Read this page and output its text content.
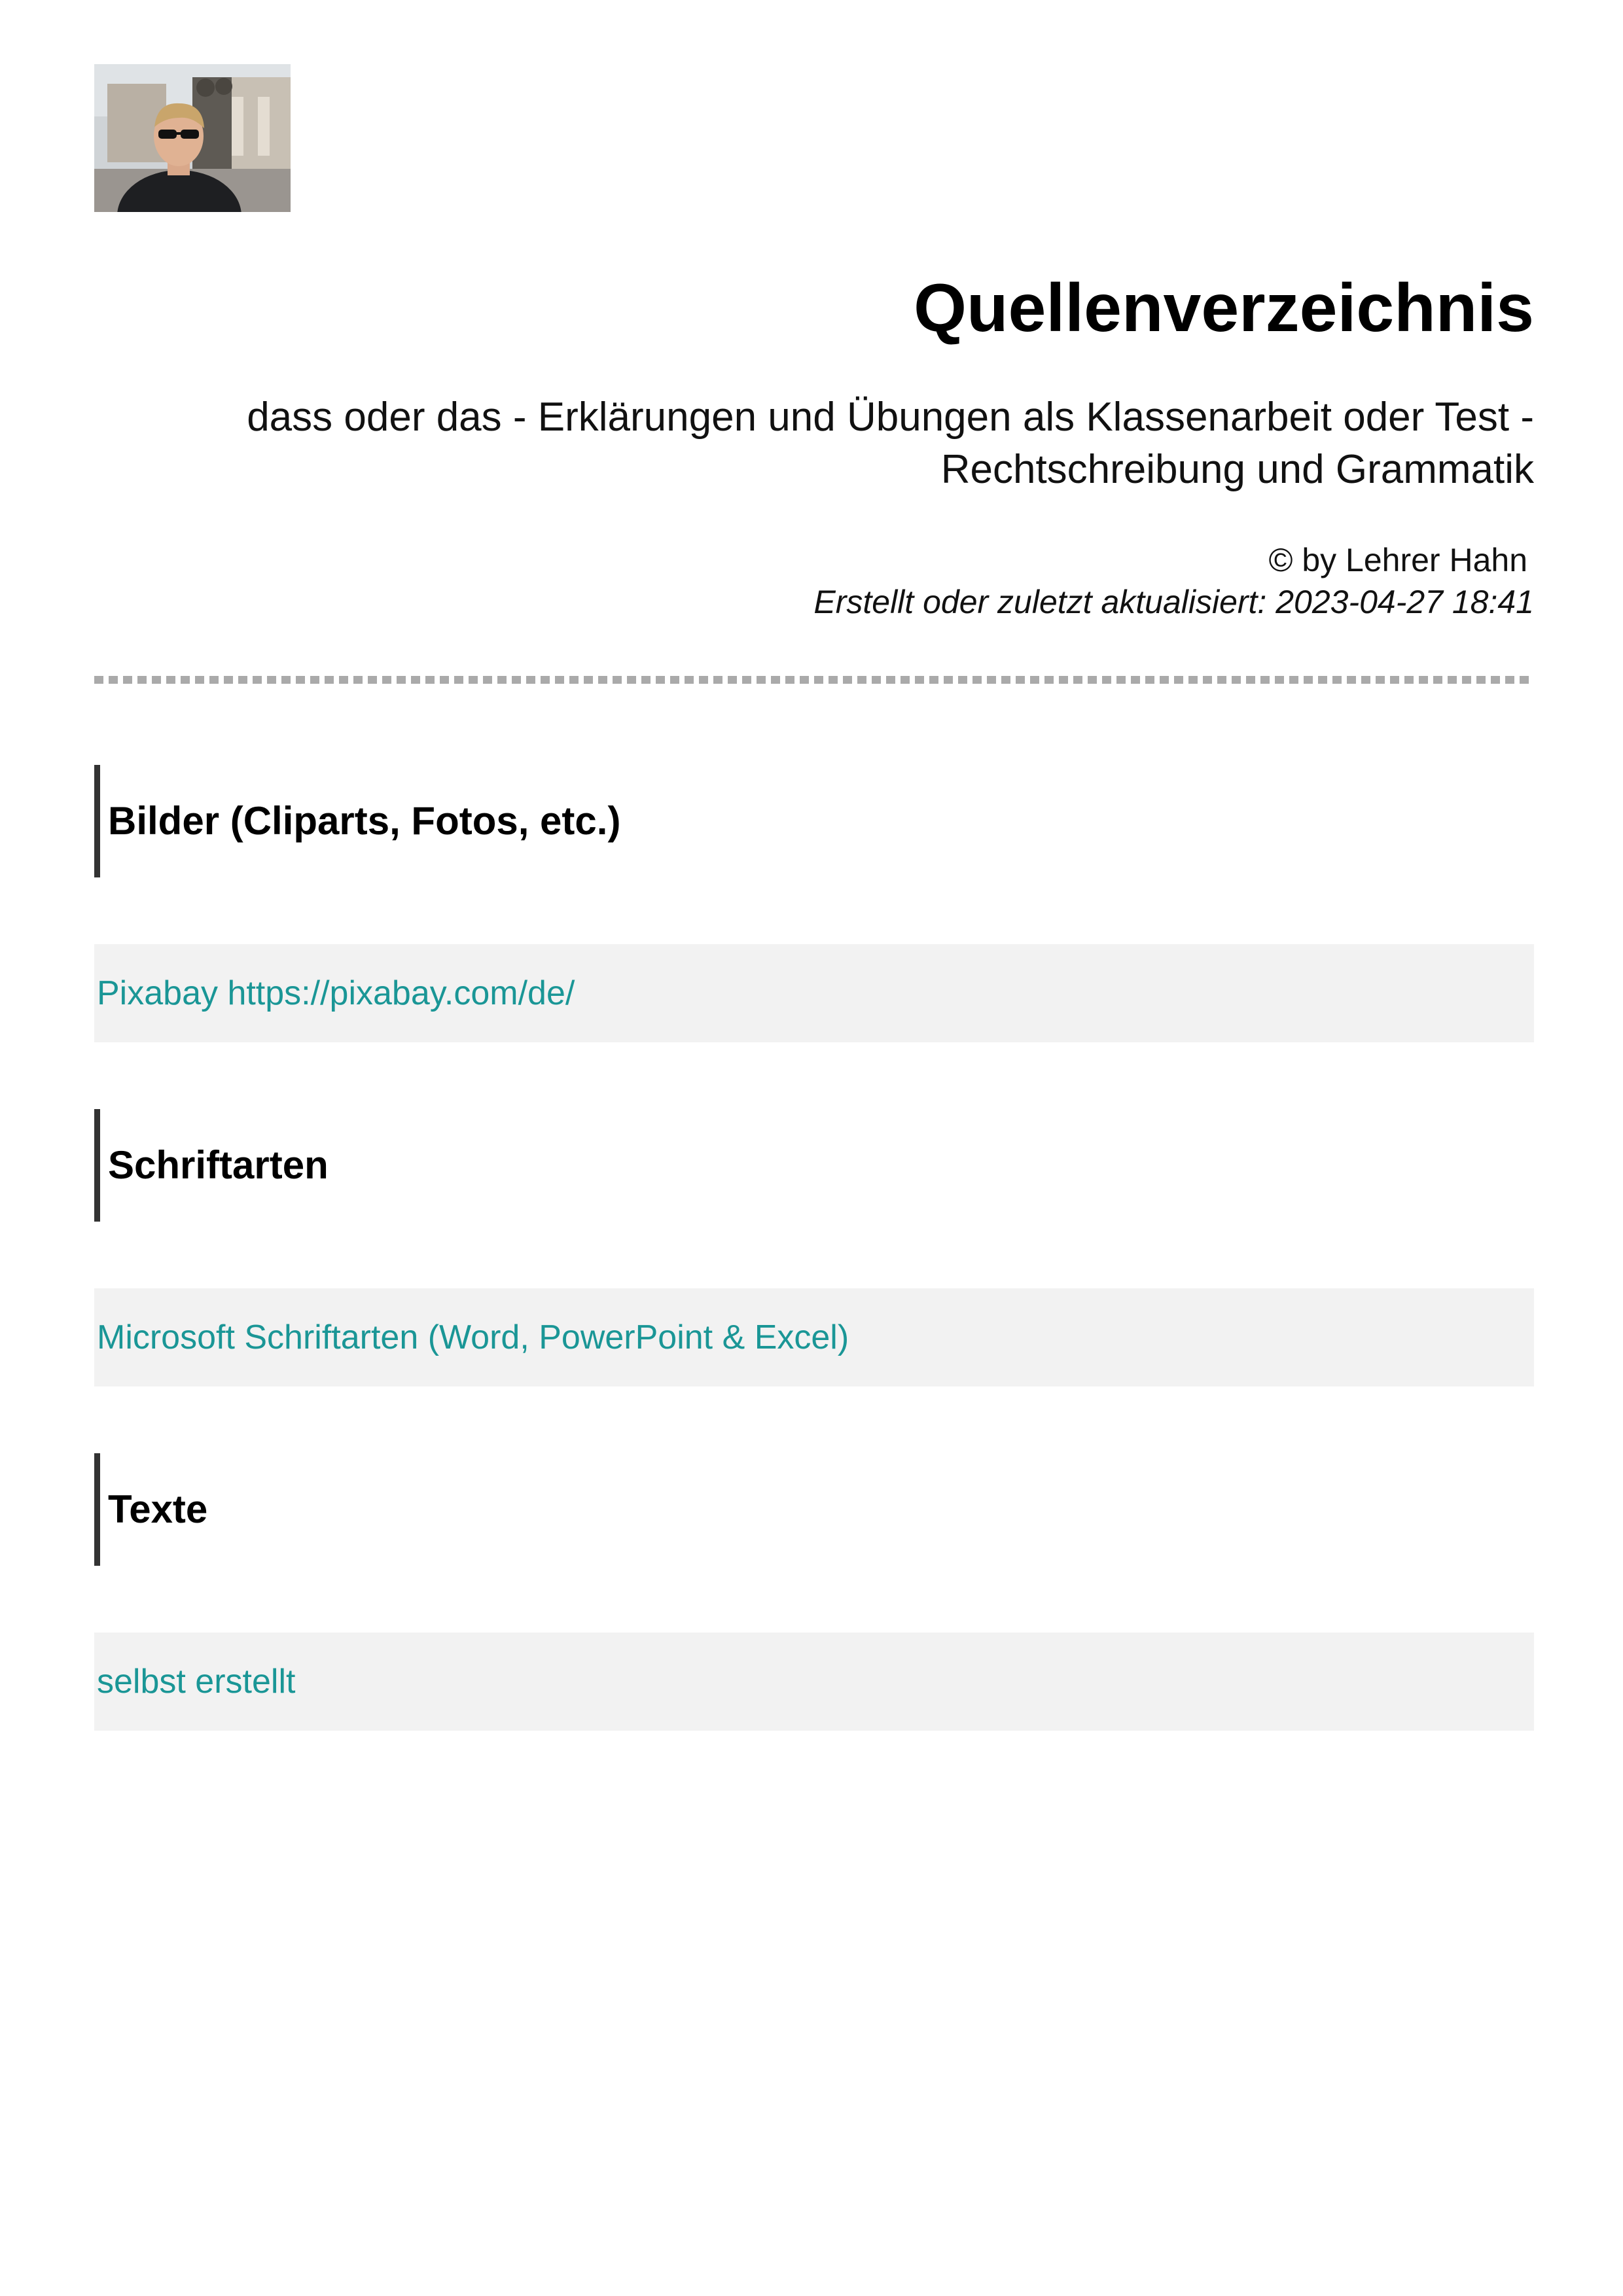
Quellenverzeichnis
dass oder das - Erklärungen und Übungen als Klassenarbeit oder Test -
Rechtschreibung und Grammatik
© by Lehrer Hahn
Erstellt oder zuletzt aktualisiert: 2023-04-27 18:41
Bilder (Cliparts, Fotos, etc.)
Pixabay https://pixabay.com/de/
Schriftarten
Microsoft Schriftarten (Word, PowerPoint & Excel)
Texte
selbst erstellt
